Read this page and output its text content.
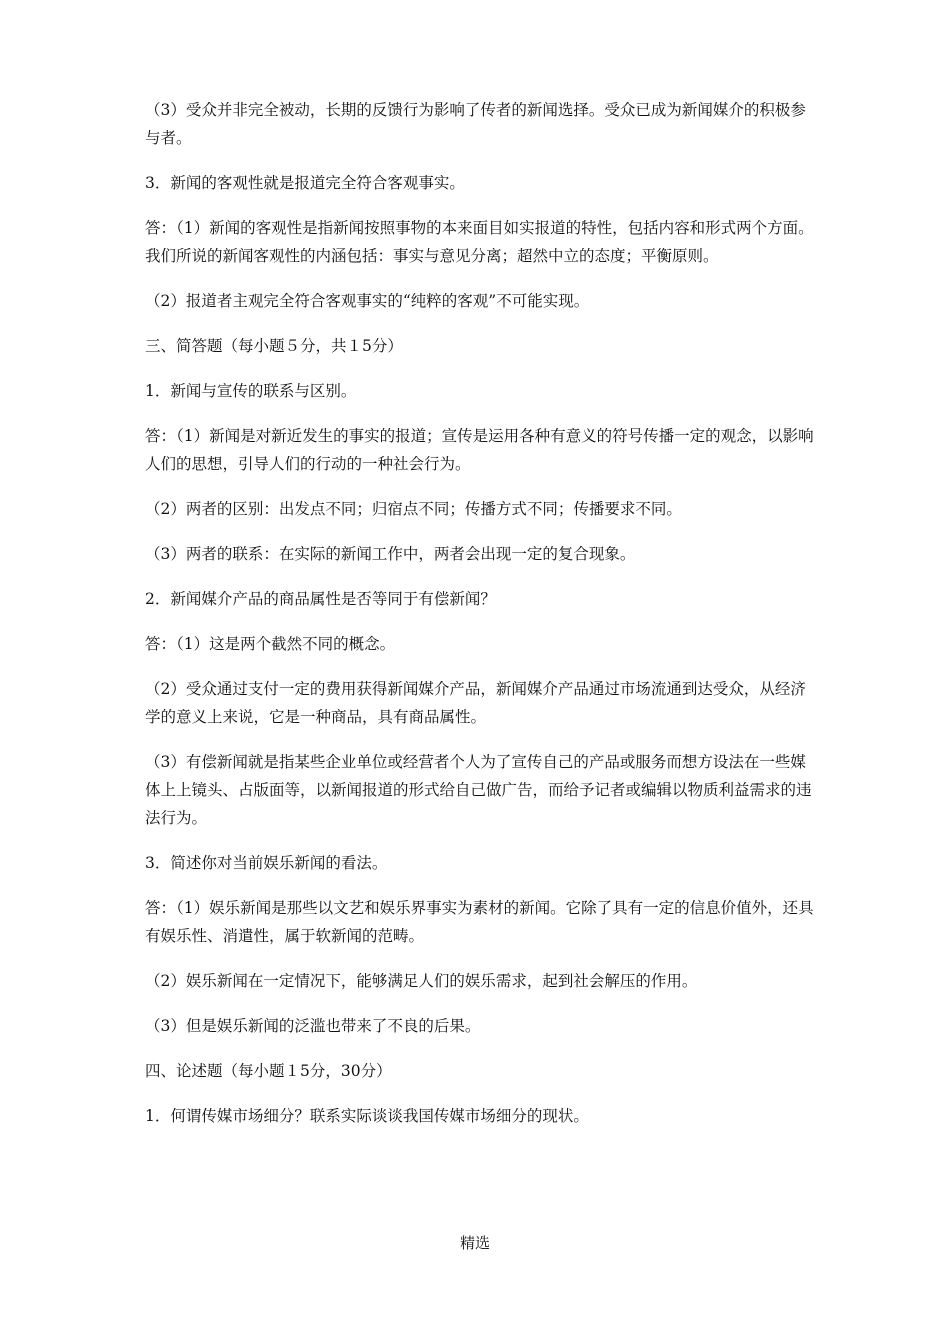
（3）受众并非完全被动，长期的反馈行为影响了传者的新闻选择。受众已成为新闻媒介的积极参与者。

3．新闻的客观性就是报道完全符合客观事实。

答：（1）新闻的客观性是指新闻按照事物的本来面目如实报道的特性，包括内容和形式两个方面。我们所说的新闻客观性的内涵包括：事实与意见分离；超然中立的态度；平衡原则。

（2）报道者主观完全符合客观事实的“纯粹的客观”不可能实现。

三、简答题（每小题５分，共１5分）

1．新闻与宣传的联系与区别。

答：（1）新闻是对新近发生的事实的报道；宣传是运用各种有意义的符号传播一定的观念，以影响人们的思想，引导人们的行动的一种社会行为。

（2）两者的区别：出发点不同；归宿点不同；传播方式不同；传播要求不同。

（3）两者的联系：在实际的新闻工作中，两者会出现一定的复合现象。

2．新闻媒介产品的商品属性是否等同于有偿新闻？

答：（1）这是两个截然不同的概念。

（2）受众通过支付一定的费用获得新闻媒介产品，新闻媒介产品通过市场流通到达受众，从经济学的意义上来说，它是一种商品，具有商品属性。

（3）有偿新闻就是指某些企业单位或经营者个人为了宣传自己的产品或服务而想方设法在一些媒体上上镜头、占版面等，以新闻报道的形式给自己做广告，而给予记者或编辑以物质利益需求的违法行为。

3．简述你对当前娱乐新闻的看法。

答：（1）娱乐新闻是那些以文艺和娱乐界事实为素材的新闻。它除了具有一定的信息价值外，还具有娱乐性、消遣性，属于软新闻的范畴。

（2）娱乐新闻在一定情况下，能够满足人们的娱乐需求，起到社会解压的作用。

（3）但是娱乐新闻的泛滥也带来了不良的后果。

四、论述题（每小题１5分，30分）

1．何谓传媒市场细分？联系实际谈谈我国传媒市场细分的现状。

精选
